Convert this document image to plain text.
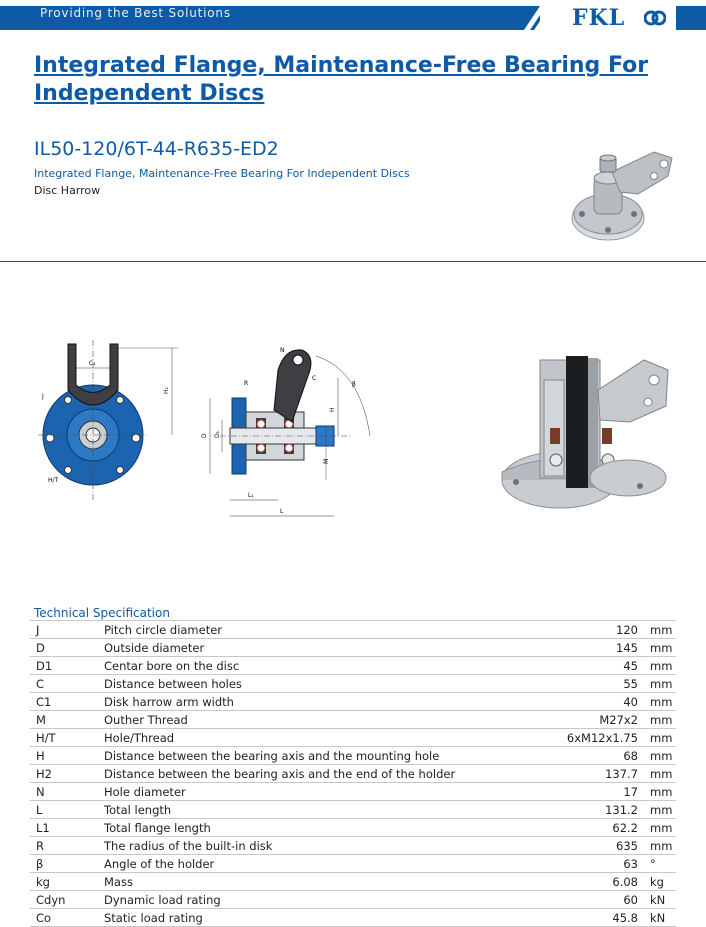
Providing the Best Solutions	FKL
Integrated Flange, Maintenance-Free Bearing For Independent Discs
IL50-120/6T-44-R635-ED2
Integrated Flange, Maintenance-Free Bearing For Independent Discs
Disc Harrow
C₁
H₂
J
H/T
D D₁
R
N
C
β
H
M
L₁
L
Technical Specification
J	Pitch circle diameter	120	mm
D	Outside diameter	145	mm
D1	Centar bore on the disc	45	mm
C	Distance between holes	55	mm
C1	Disk harrow arm width	40	mm
M	Outher Thread	M27x2	mm
H/T	Hole/Thread	6xM12x1.75	mm
H	Distance between the bearing axis and the mounting hole	68	mm
H2	Distance between the bearing axis and the end of the holder	137.7	mm
N	Hole diameter	17	mm
L	Total length	131.2	mm
L1	Total flange length	62.2	mm
R	The radius of the built-in disk	635	mm
β	Angle of the holder	63	°
kg	Mass	6.08	kg
Cdyn	Dynamic load rating	60	kN
Co	Static load rating	45.8	kN
